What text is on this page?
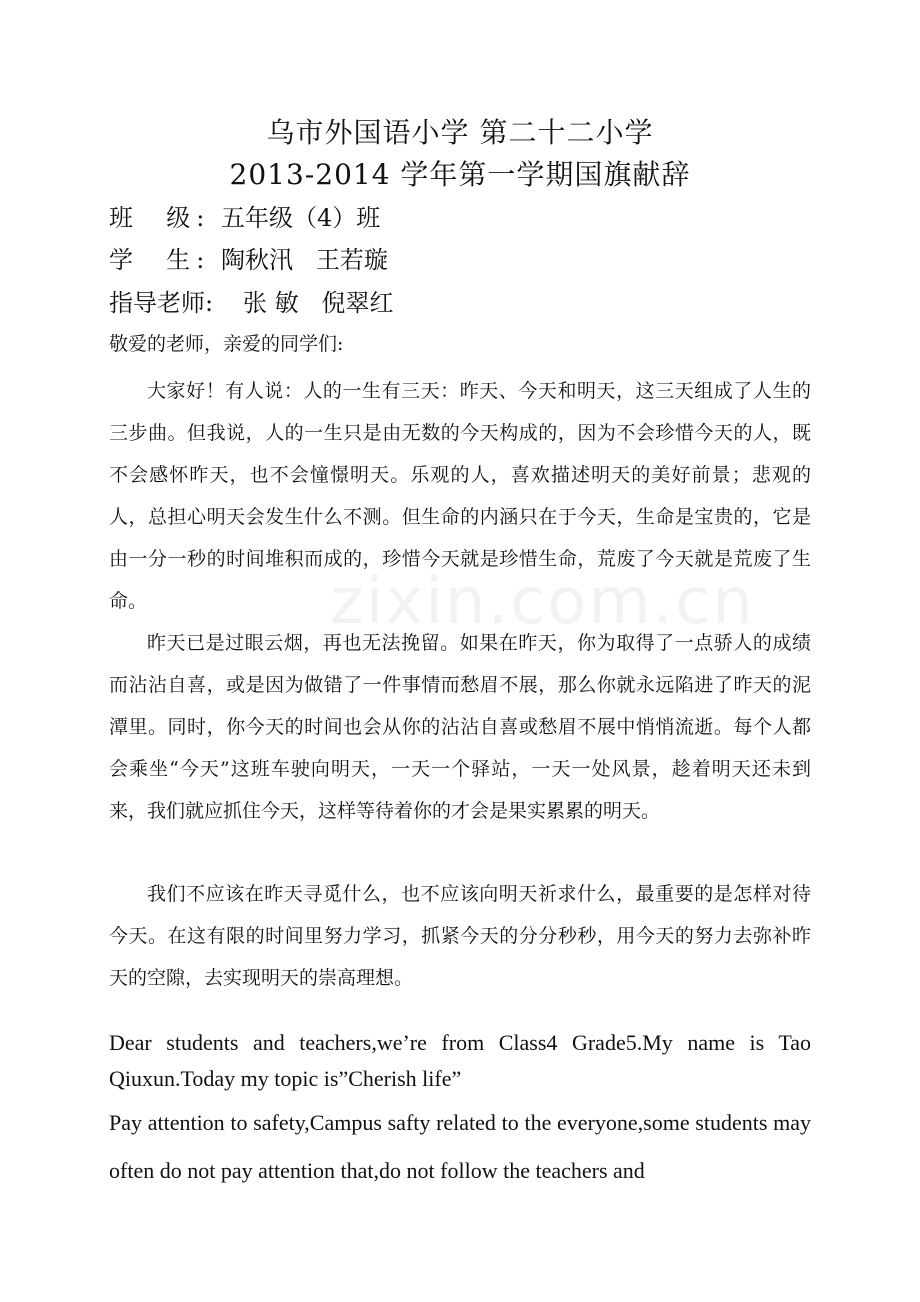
zixin.com.cn
乌市外国语小学 第二十二小学
2013-2014 学年第一学期国旗献辞
班  级: 五年级（4）班
学  生: 陶秋汛   王若璇
指导老师: 张 敏   倪翠红
敬爱的老师，亲爱的同学们:

大家好！有人说：人的一生有三天：昨天、今天和明天，这三天组成了人生的三步曲。但我说，人的一生只是由无数的今天构成的，因为不会珍惜今天的人，既不会感怀昨天，也不会憧憬明天。乐观的人，喜欢描述明天的美好前景；悲观的人，总担心明天会发生什么不测。但生命的内涵只在于今天，生命是宝贵的，它是由一分一秒的时间堆积而成的，珍惜今天就是珍惜生命，荒废了今天就是荒废了生命。

昨天已是过眼云烟，再也无法挽留。如果在昨天，你为取得了一点骄人的成绩而沾沾自喜，或是因为做错了一件事情而愁眉不展，那么你就永远陷进了昨天的泥潭里。同时，你今天的时间也会从你的沾沾自喜或愁眉不展中悄悄流逝。每个人都会乘坐“今天”这班车驶向明天，一天一个驿站，一天一处风景，趁着明天还未到来，我们就应抓住今天，这样等待着你的才会是果实累累的明天。

我们不应该在昨天寻觅什么，也不应该向明天祈求什么，最重要的是怎样对待今天。在这有限的时间里努力学习，抓紧今天的分分秒秒，用今天的努力去弥补昨天的空隙，去实现明天的崇高理想。

Dear students and teachers,we’re from Class4 Grade5.My name is Tao Qiuxun.Today my topic is”Cherish life”

Pay attention to safety,Campus safty related to the everyone,some students may often do not pay attention that,do not follow the teachers and
